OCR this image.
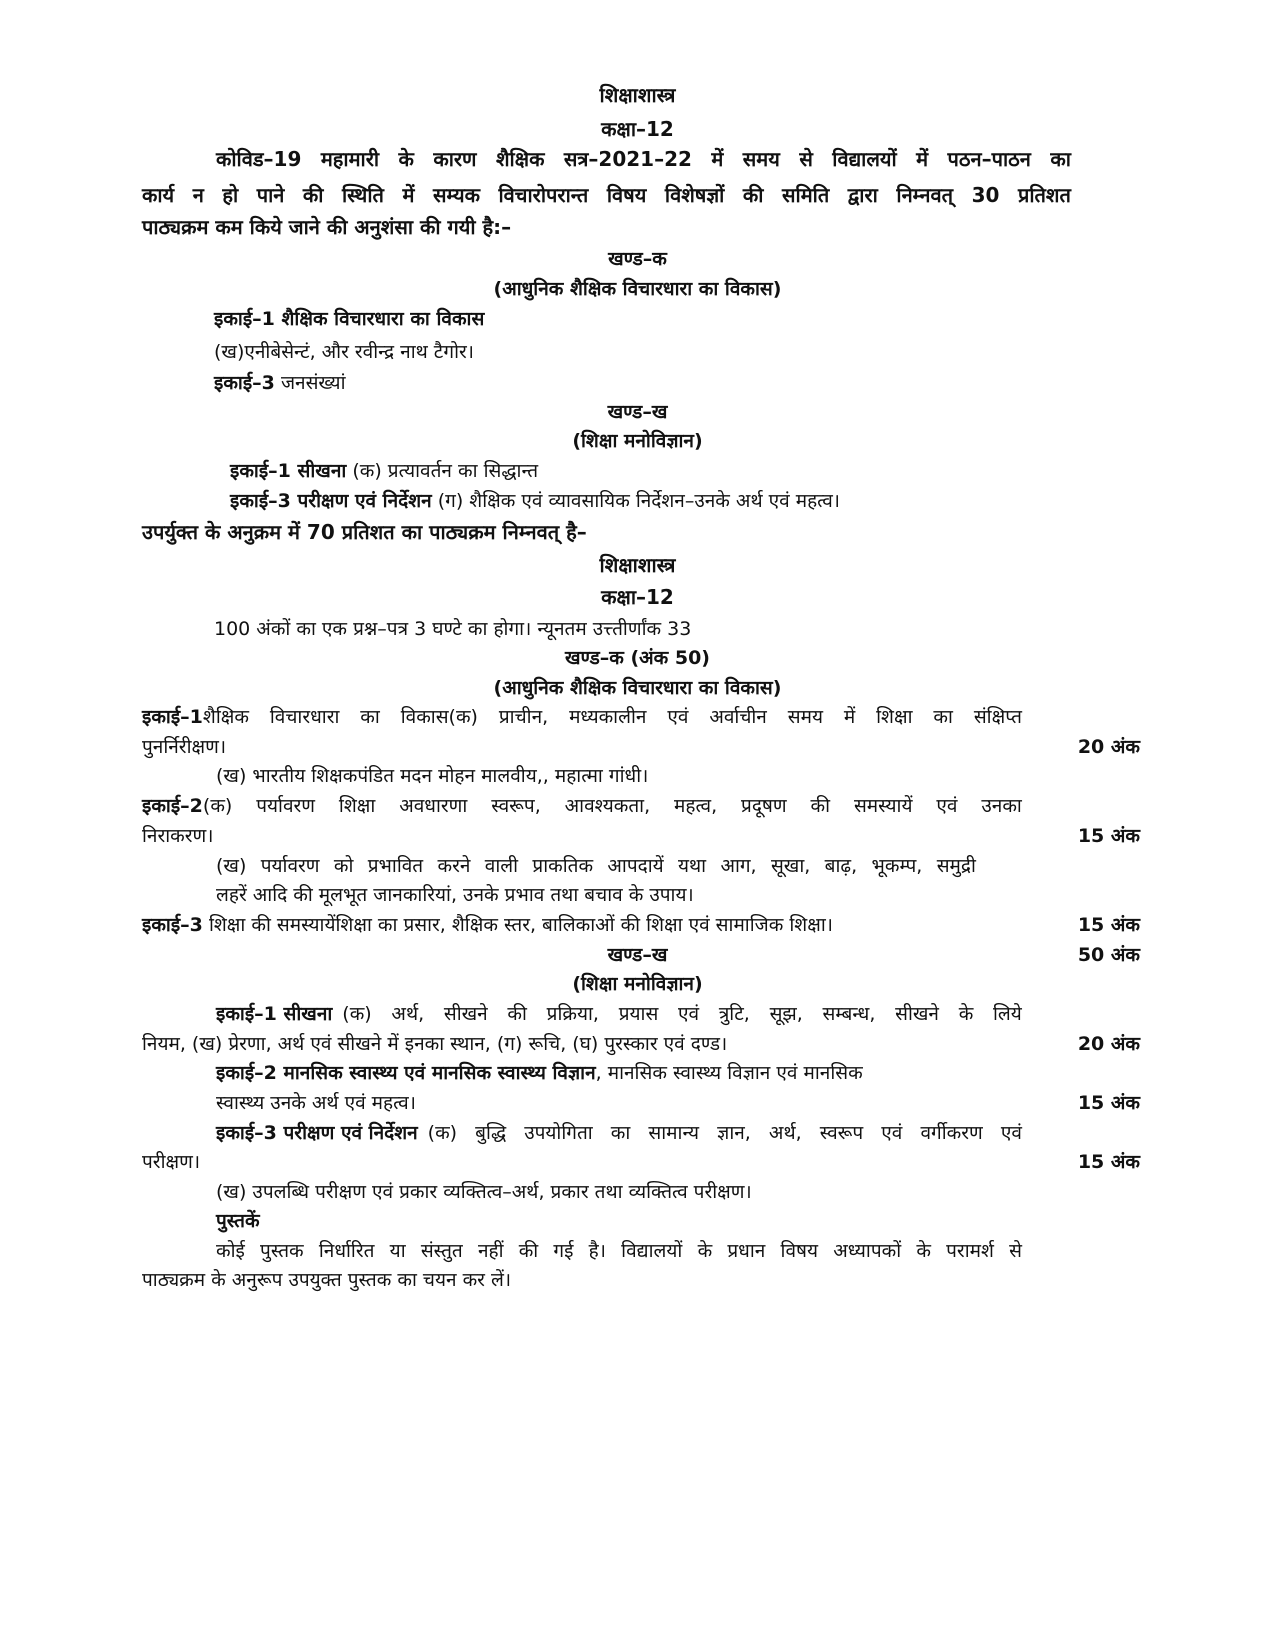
शिक्षाशास्त्र
कक्षा–12
कोविड–19 महामारी के कारण शैक्षिक सत्र–2021–22 में समय से विद्यालयों में पठन–पाठन का
कार्य न हो पाने की स्थिति में सम्यक विचारोपरान्त विषय विशेषज्ञों की समिति द्वारा निम्नवत् 30 प्रतिशत
पाठ्यक्रम कम किये जाने की अनुशंसा की गयी है:–
खण्ड–क
(आधुनिक शैक्षिक विचारधारा का विकास)
इकाई–1 शैक्षिक विचारधारा का विकास
(ख)एनीबेसेन्टं, और रवीन्द्र नाथ टैगोर।
इकाई–3 जनसंख्यां
खण्ड–ख
(शिक्षा मनोविज्ञान)
इकाई–1 सीखना (क) प्रत्यावर्तन का सिद्धान्त
इकाई–3 परीक्षण एवं निर्देशन (ग) शैक्षिक एवं व्यावसायिक निर्देशन–उनके अर्थ एवं महत्व।
उपर्युक्त के अनुक्रम में 70 प्रतिशत का पाठ्यक्रम निम्नवत् है–
शिक्षाशास्त्र
कक्षा–12
100 अंकों का एक प्रश्न–पत्र 3 घण्टे का होगा। न्यूनतम उत्त्तीर्णांक 33
खण्ड–क (अंक 50)
(आधुनिक शैक्षिक विचारधारा का विकास)
इकाई–1 शैक्षिक विचारधारा का विकास(क) प्राचीन, मध्यकालीन एवं अर्वाचीन समय में शिक्षा का संक्षिप्त
पुनर्निरीक्षण।	20 अंक
(ख) भारतीय शिक्षकपंडित मदन मोहन मालवीय,, महात्मा गांधी।
इकाई–2 (क) पर्यावरण शिक्षा अवधारणा स्वरूप, आवश्यकता, महत्व, प्रदूषण की समस्यायें एवं उनका
निराकरण।	15 अंक
(ख) पर्यावरण को प्रभावित करने वाली प्राकतिक आपदायें यथा आग, सूखा, बाढ़, भूकम्प, समुद्री
लहरें आदि की मूलभूत जानकारियां, उनके प्रभाव तथा बचाव के उपाय।
इकाई–3 शिक्षा की समस्यायेंशिक्षा का प्रसार, शैक्षिक स्तर, बालिकाओं की शिक्षा एवं सामाजिक शिक्षा।	15 अंक
खण्ड–ख	50 अंक
(शिक्षा मनोविज्ञान)
इकाई–1 सीखना (क) अर्थ, सीखने की प्रक्रिया, प्रयास एवं त्रुटि, सूझ, सम्बन्ध, सीखने के लिये
नियम, (ख) प्रेरणा, अर्थ एवं सीखने में इनका स्थान, (ग) रूचि, (घ) पुरस्कार एवं दण्ड।	20 अंक
इकाई–2 मानसिक स्वास्थ्य एवं मानसिक स्वास्थ्य विज्ञान, मानसिक स्वास्थ्य विज्ञान एवं मानसिक
स्वास्थ्य उनके अर्थ एवं महत्व।	15 अंक
इकाई–3 परीक्षण एवं निर्देशन (क) बुद्धि उपयोगिता का सामान्य ज्ञान, अर्थ, स्वरूप एवं वर्गीकरण एवं
परीक्षण।	15 अंक
(ख) उपलब्धि परीक्षण एवं प्रकार व्यक्तित्व–अर्थ, प्रकार तथा व्यक्तित्व परीक्षण।
पुस्तकें
कोई पुस्तक निर्धारित या संस्तुत नहीं की गई है। विद्यालयों के प्रधान विषय अध्यापकों के परामर्श से
पाठ्यक्रम के अनुरूप उपयुक्त पुस्तक का चयन कर लें।
